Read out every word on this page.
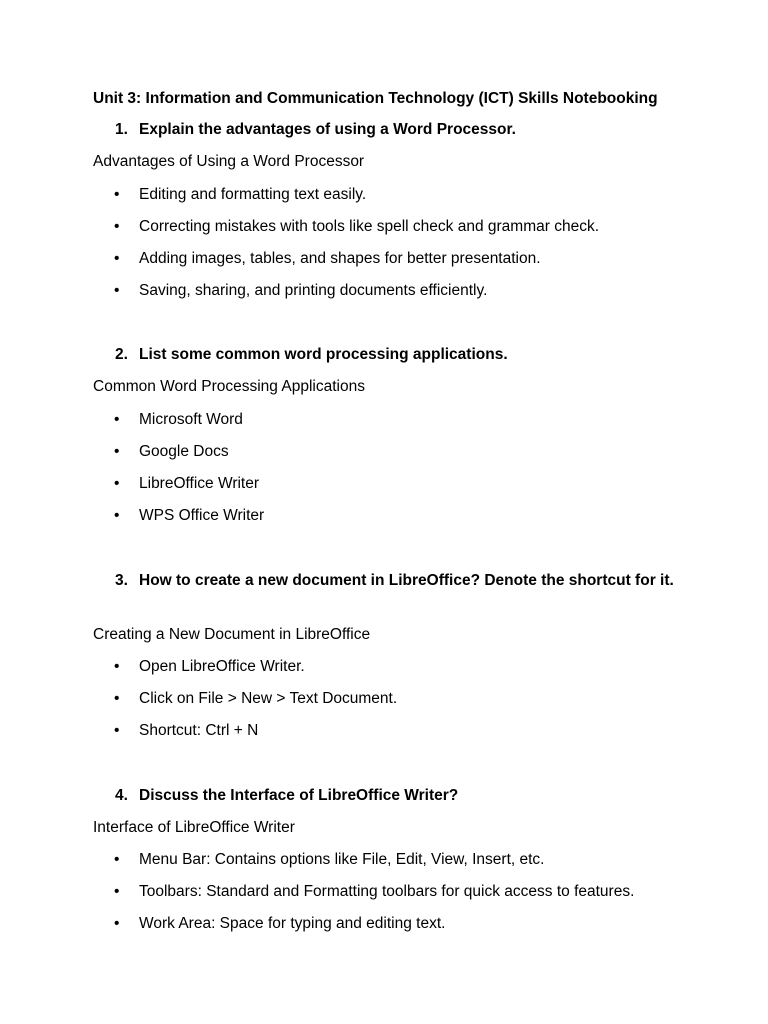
Unit 3: Information and Communication Technology (ICT) Skills Notebooking
1. Explain the advantages of using a Word Processor.
Advantages of Using a Word Processor
• Editing and formatting text easily.
• Correcting mistakes with tools like spell check and grammar check.
• Adding images, tables, and shapes for better presentation.
• Saving, sharing, and printing documents efficiently.
2. List some common word processing applications.
Common Word Processing Applications
• Microsoft Word
• Google Docs
• LibreOffice Writer
• WPS Office Writer
3. How to create a new document in LibreOffice? Denote the shortcut for it.
Creating a New Document in LibreOffice
• Open LibreOffice Writer.
• Click on File > New > Text Document.
• Shortcut: Ctrl + N
4. Discuss the Interface of LibreOffice Writer?
Interface of LibreOffice Writer
• Menu Bar: Contains options like File, Edit, View, Insert, etc.
• Toolbars: Standard and Formatting toolbars for quick access to features.
• Work Area: Space for typing and editing text.
